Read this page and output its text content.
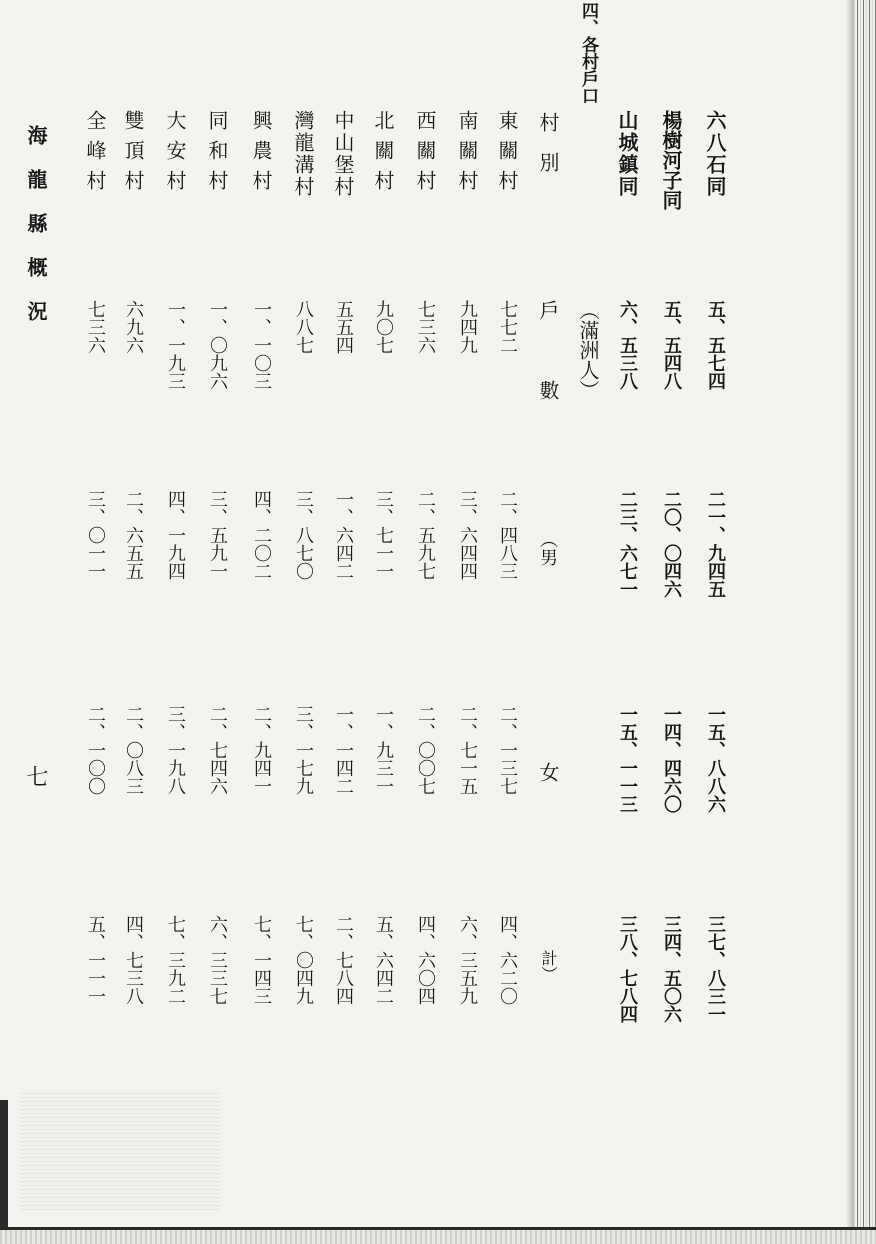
海龍縣概況
七
四、各村戶口
村　別
戶　數
（男
女
計）
（滿洲人）
六八石同
五、五七四
二一、九四五
一五、八八六
三七、八三一
楊樹河子同
五、五四八
二〇、〇四六
一四、四六〇
三四、五〇六
山城鎮同
六、五三八
二三、六七一
一五、一一三
三八、七八四
東關村
七七二
二、四八三
二、一三七
四、六二〇
南關村
九四九
三、六四四
二、七一五
六、三五九
西關村
七三六
二、五九七
二、〇〇七
四、六〇四
北關村
九〇七
三、七一一
一、九三一
五、六四二
中山堡村
五五四
一、六四二
一、一四二
二、七八四
灣龍溝村
八八七
三、八七〇
三、一七九
七、〇四九
興農村
一、一〇三
四、二〇二
二、九四一
七、一四三
同和村
一、〇九六
三、五九一
二、七四六
六、三三七
大安村
一、一九三
四、一九四
三、一九八
七、三九二
雙頂村
六九六
二、六五五
二、〇八三
四、七三八
全峰村
七三六
三、〇一一
二、一〇〇
五、一一一
